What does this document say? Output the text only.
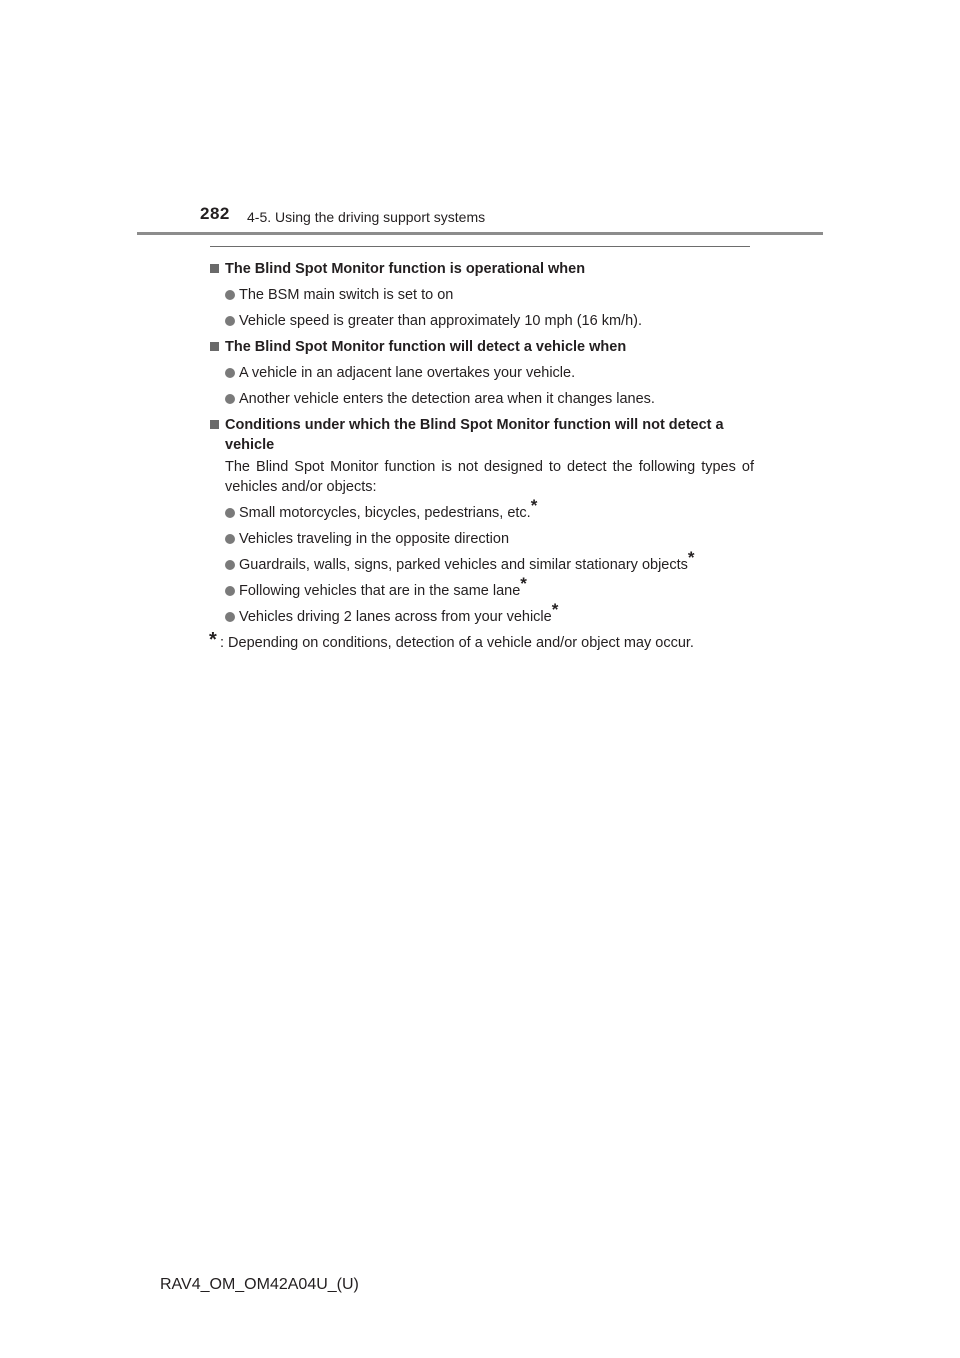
282 4-5. Using the driving support systems
The Blind Spot Monitor function is operational when
The BSM main switch is set to on
Vehicle speed is greater than approximately 10 mph (16 km/h).
The Blind Spot Monitor function will detect a vehicle when
A vehicle in an adjacent lane overtakes your vehicle.
Another vehicle enters the detection area when it changes lanes.
Conditions under which the Blind Spot Monitor function will not detect a vehicle
The Blind Spot Monitor function is not designed to detect the following types of vehicles and/or objects:
Small motorcycles, bicycles, pedestrians, etc.*
Vehicles traveling in the opposite direction
Guardrails, walls, signs, parked vehicles and similar stationary objects*
Following vehicles that are in the same lane*
Vehicles driving 2 lanes across from your vehicle*
* : Depending on conditions, detection of a vehicle and/or object may occur.
RAV4_OM_OM42A04U_(U)
